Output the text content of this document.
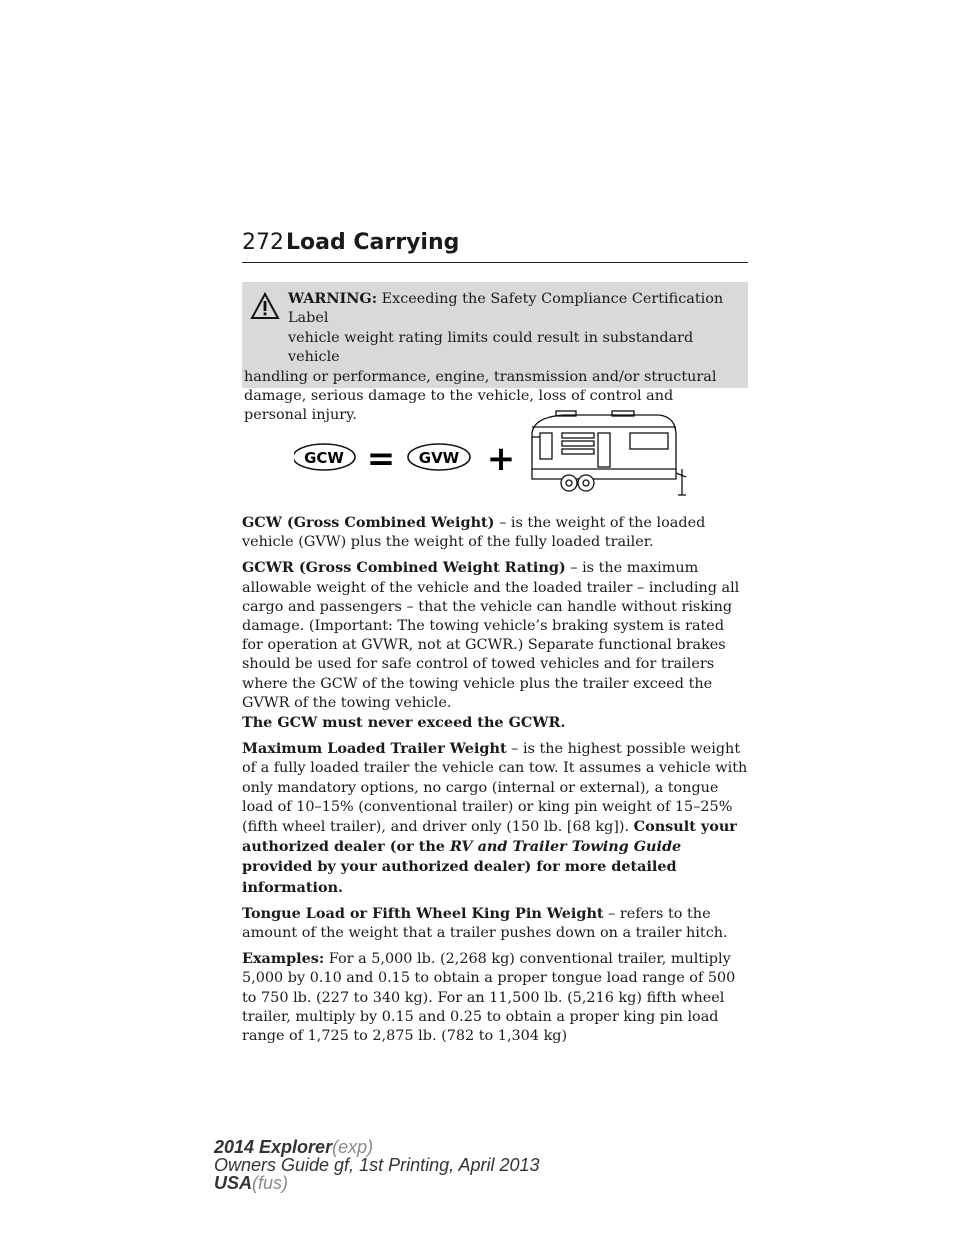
272 Load Carrying

WARNING: Exceeding the Safety Compliance Certification Label

vehicle weight rating limits could result in substandard vehicle

handling or performance, engine, transmission and/or structural damage, serious damage to the vehicle, loss of control and personal injury.

GCW = GVW +

GCW (Gross Combined Weight) – is the weight of the loaded vehicle (GVW) plus the weight of the fully loaded trailer.

GCWR (Gross Combined Weight Rating) – is the maximum allowable weight of the vehicle and the loaded trailer – including all cargo and passengers – that the vehicle can handle without risking damage. (Important: The towing vehicle’s braking system is rated for operation at GVWR, not at GCWR.) Separate functional brakes should be used for safe control of towed vehicles and for trailers where the GCW of the towing vehicle plus the trailer exceed the GVWR of the towing vehicle.
The GCW must never exceed the GCWR.

Maximum Loaded Trailer Weight – is the highest possible weight of a fully loaded trailer the vehicle can tow. It assumes a vehicle with only mandatory options, no cargo (internal or external), a tongue load of 10–15% (conventional trailer) or king pin weight of 15–25% (fifth wheel trailer), and driver only (150 lb. [68 kg]). Consult your authorized dealer (or the RV and Trailer Towing Guide provided by your authorized dealer) for more detailed information.

Tongue Load or Fifth Wheel King Pin Weight – refers to the amount of the weight that a trailer pushes down on a trailer hitch.

Examples: For a 5,000 lb. (2,268 kg) conventional trailer, multiply 5,000 by 0.10 and 0.15 to obtain a proper tongue load range of 500 to 750 lb. (227 to 340 kg). For an 11,500 lb. (5,216 kg) fifth wheel trailer, multiply by 0.15 and 0.25 to obtain a proper king pin load range of 1,725 to 2,875 lb. (782 to 1,304 kg)

2014 Explorer(exp)
Owners Guide gf, 1st Printing, April 2013
USA(fus)
